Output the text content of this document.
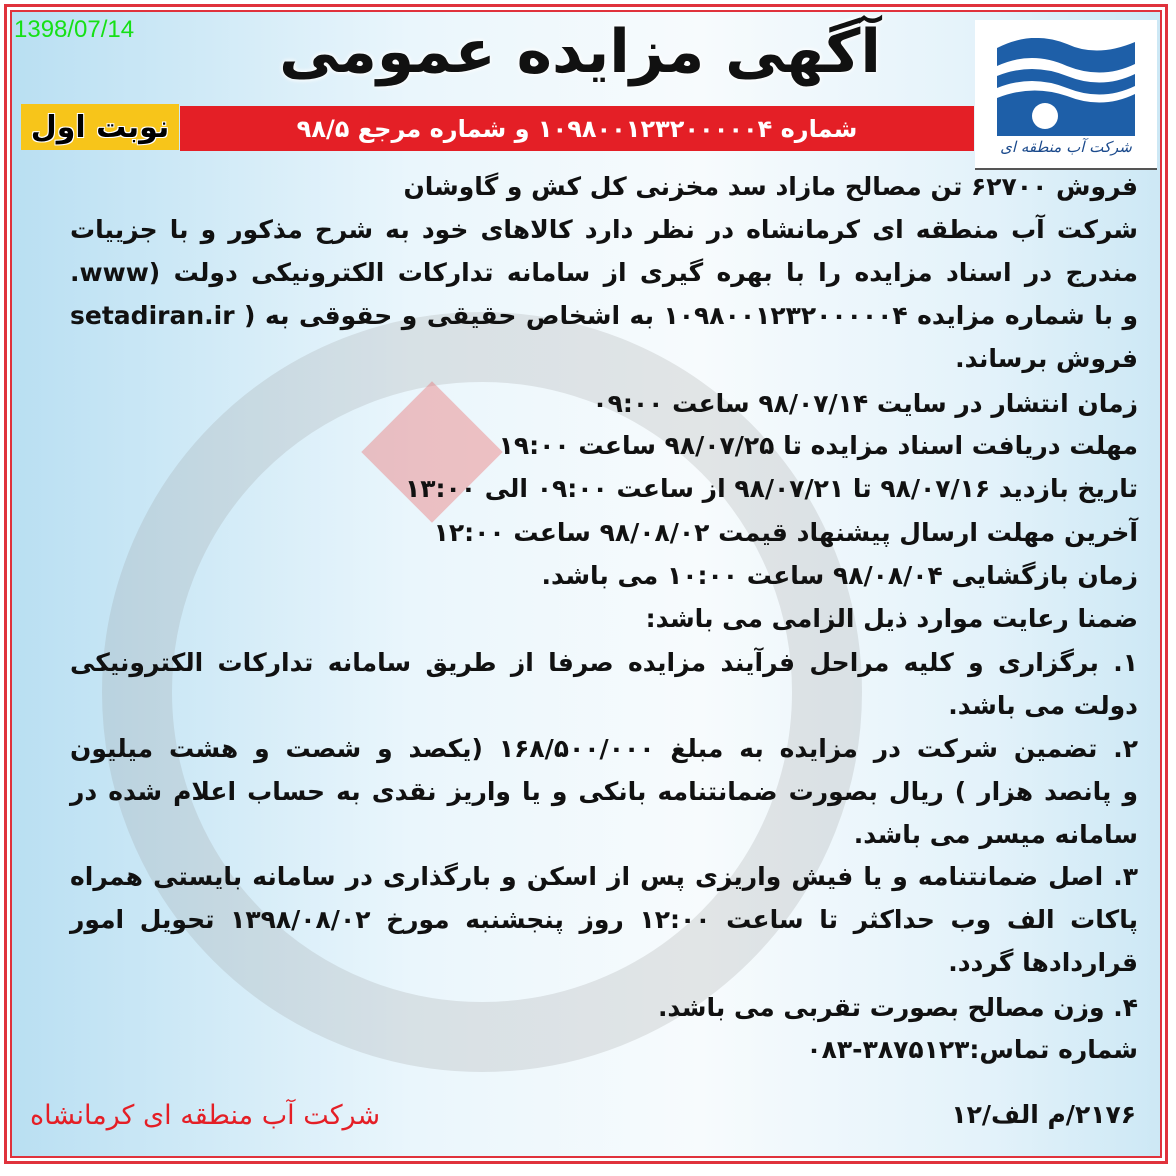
1398/07/14	آگهی مزایده عمومی
نوبت اول	شماره ۱۰۹۸۰۰۱۲۳۲۰۰۰۰۰۴ و شماره مرجع ۹۸/۵
شرکت آب منطقه ای
فروش ۶۲۷۰۰ تن مصالح مازاد سد مخزنی کل کش و گاوشان
شرکت آب منطقه ای کرمانشاه در نظر دارد کالاهای خود به شرح مذکور و با جزییات
مندرج در اسناد مزایده را با بهره گیری از سامانه تدارکات الکترونیکی دولت (www.
setadiran.ir ) و با شماره مزایده ۱۰۹۸۰۰۱۲۳۲۰۰۰۰۰۴ به اشخاص حقیقی و حقوقی به
فروش برساند.
زمان انتشار در سایت ۹۸/۰۷/۱۴ ساعت ۰۹:۰۰
مهلت دریافت اسناد مزایده تا ۹۸/۰۷/۲۵ ساعت ۱۹:۰۰
تاریخ بازدید ۹۸/۰۷/۱۶ تا ۹۸/۰۷/۲۱ از ساعت ۰۹:۰۰ الی ۱۳:۰۰
آخرین مهلت ارسال پیشنهاد قیمت ۹۸/۰۸/۰۲ ساعت ۱۲:۰۰
زمان بازگشایی ۹۸/۰۸/۰۴ ساعت ۱۰:۰۰ می باشد.
ضمنا رعایت موارد ذیل الزامی می باشد:
۱. برگزاری و کلیه مراحل فرآیند مزایده صرفا از طریق سامانه تدارکات الکترونیکی
دولت می باشد.
۲. تضمین شرکت در مزایده به مبلغ ۱۶۸/۵۰۰/۰۰۰ (یکصد و شصت و هشت میلیون
و پانصد هزار ) ریال بصورت ضمانتنامه بانکی و یا واریز نقدی به حساب اعلام شده در
سامانه میسر می باشد.
۳. اصل ضمانتنامه و یا فیش واریزی پس از اسکن و بارگذاری در سامانه بایستی همراه
پاکات الف وب حداکثر تا ساعت ۱۲:۰۰ روز پنجشنبه مورخ ۱۳۹۸/۰۸/۰۲ تحویل امور
قراردادها گردد.
۴. وزن مصالح بصورت تقربی می باشد.
شماره تماس:۳۸۷۵۱۲۳-۰۸۳
شرکت آب منطقه ای کرمانشاه	۲۱۷۶/م الف/۱۲
